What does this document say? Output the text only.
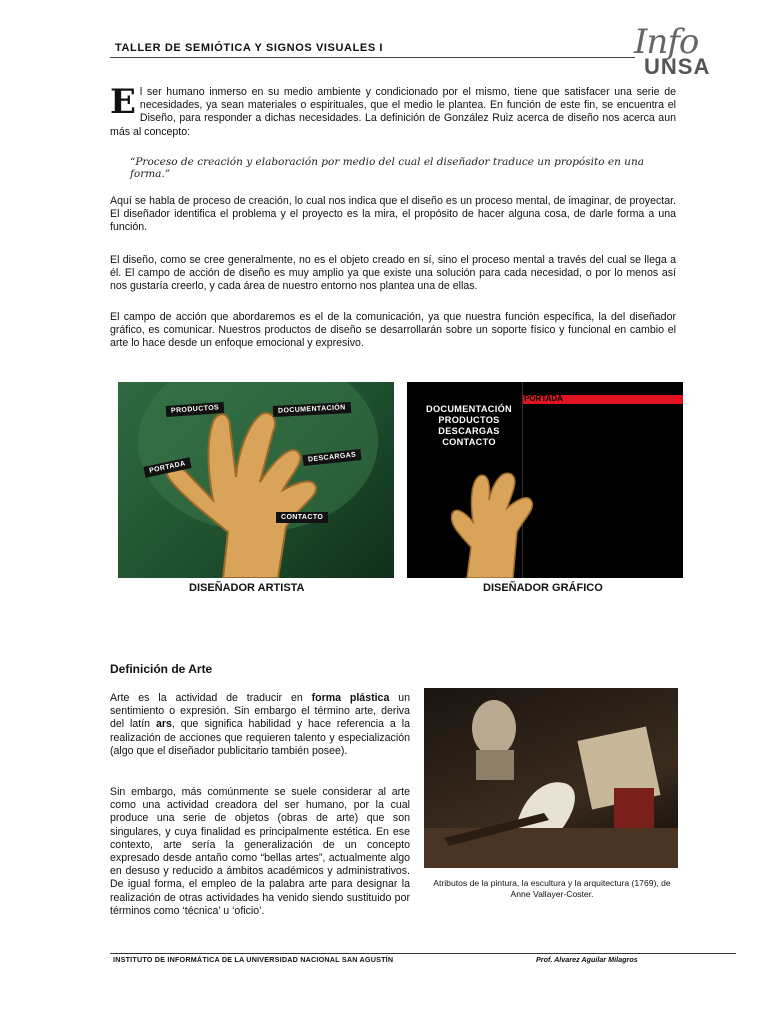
TALLER DE SEMIÓTICA Y SIGNOS VISUALES I	Info
UNSA
E l ser humano inmerso en su medio ambiente y condicionado por el mismo, tiene que satisfacer una serie de necesidades, ya sean materiales o espirituales, que el medio le plantea. En función de este fin, se encuentra el Diseño, para responder a dichas necesidades. La definición de González Ruiz acerca de diseño nos acerca aun más al concepto:
“Proceso de creación y elaboración por medio del cual el diseñador traduce un propósito en una forma.”
Aquí se habla de proceso de creación, lo cual nos indica que el diseño es un proceso mental, de imaginar, de proyectar. El diseñador identifica el problema y el proyecto es la mira, el propósito de hacer alguna cosa, de darle forma a una función.
El diseño, como se cree generalmente, no es el objeto creado en sí, sino el proceso mental a través del cual se llega a él. El campo de acción de diseño es muy amplio ya que existe una solución para cada necesidad, o por lo menos así nos gustaría creerlo, y cada área de nuestro entorno nos plantea una de ellas.
El campo de acción que abordaremos es el de la comunicación, ya que nuestra función específica, la del diseñador gráfico, es comunicar. Nuestros productos de diseño se desarrollarán sobre un soporte físico y funcional en cambio el arte lo hace desde un enfoque emocional y expresivo.
PRODUCTOS	DOCUMENTACIÓN
PORTADA
DESCARGAS
CONTACTO
DISEÑADOR ARTISTA
PORTADA
DOCUMENTACIÓN
PRODUCTOS
DESCARGAS
CONTACTO
DISEÑADOR GRÁFICO
Definición de Arte
Arte es la actividad de traducir en forma plástica un sentimiento o expresión. Sin embargo el término arte, deriva del latín ars, que significa habilidad y hace referencia a la realización de acciones que requieren talento y especialización (algo que el diseñador publicitario también posee).
Sin embargo, más comúnmente se suele considerar al arte como una actividad creadora del ser humano, por la cual produce una serie de objetos (obras de arte) que son singulares, y cuya finalidad es principalmente estética. En ese contexto, arte sería la generalización de un concepto expresado desde antaño como “bellas artes”, actualmente algo en desuso y reducido a ámbitos académicos y administrativos. De igual forma, el empleo de la palabra arte para designar la realización de otras actividades ha venido siendo sustituido por términos como ‘técnica’ u ‘oficio’.
Atributos de la pintura, la escultura y la arquitectura (1769), de Anne Vallayer-Coster.
INSTITUTO DE INFORMÁTICA DE LA UNIVERSIDAD NACIONAL SAN AGUSTÍN	Prof. Alvarez Aguilar Milagros
